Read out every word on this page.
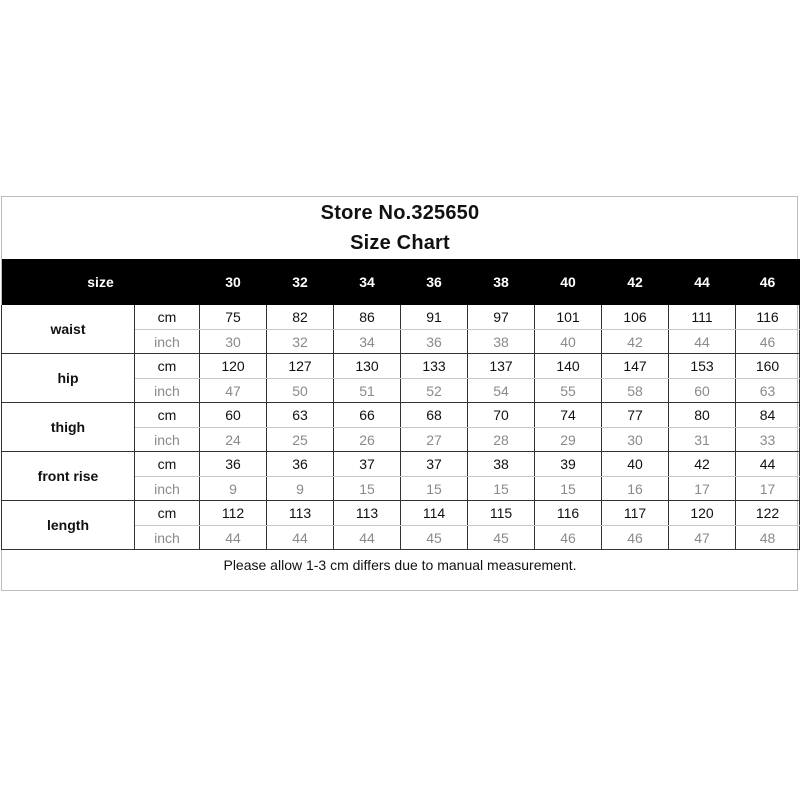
Store No.325650
Size Chart
size		30	32	34	36	38	40	42	44	46
waist	cm	75	82	86	91	97	101	106	111	116
	inch	30	32	34	36	38	40	42	44	46
hip	cm	120	127	130	133	137	140	147	153	160
	inch	47	50	51	52	54	55	58	60	63
thigh	cm	60	63	66	68	70	74	77	80	84
	inch	24	25	26	27	28	29	30	31	33
front rise	cm	36	36	37	37	38	39	40	42	44
	inch	9	9	15	15	15	15	16	17	17
length	cm	112	113	113	114	115	116	117	120	122
	inch	44	44	44	45	45	46	46	47	48
Please allow 1-3 cm differs due to manual measurement.
